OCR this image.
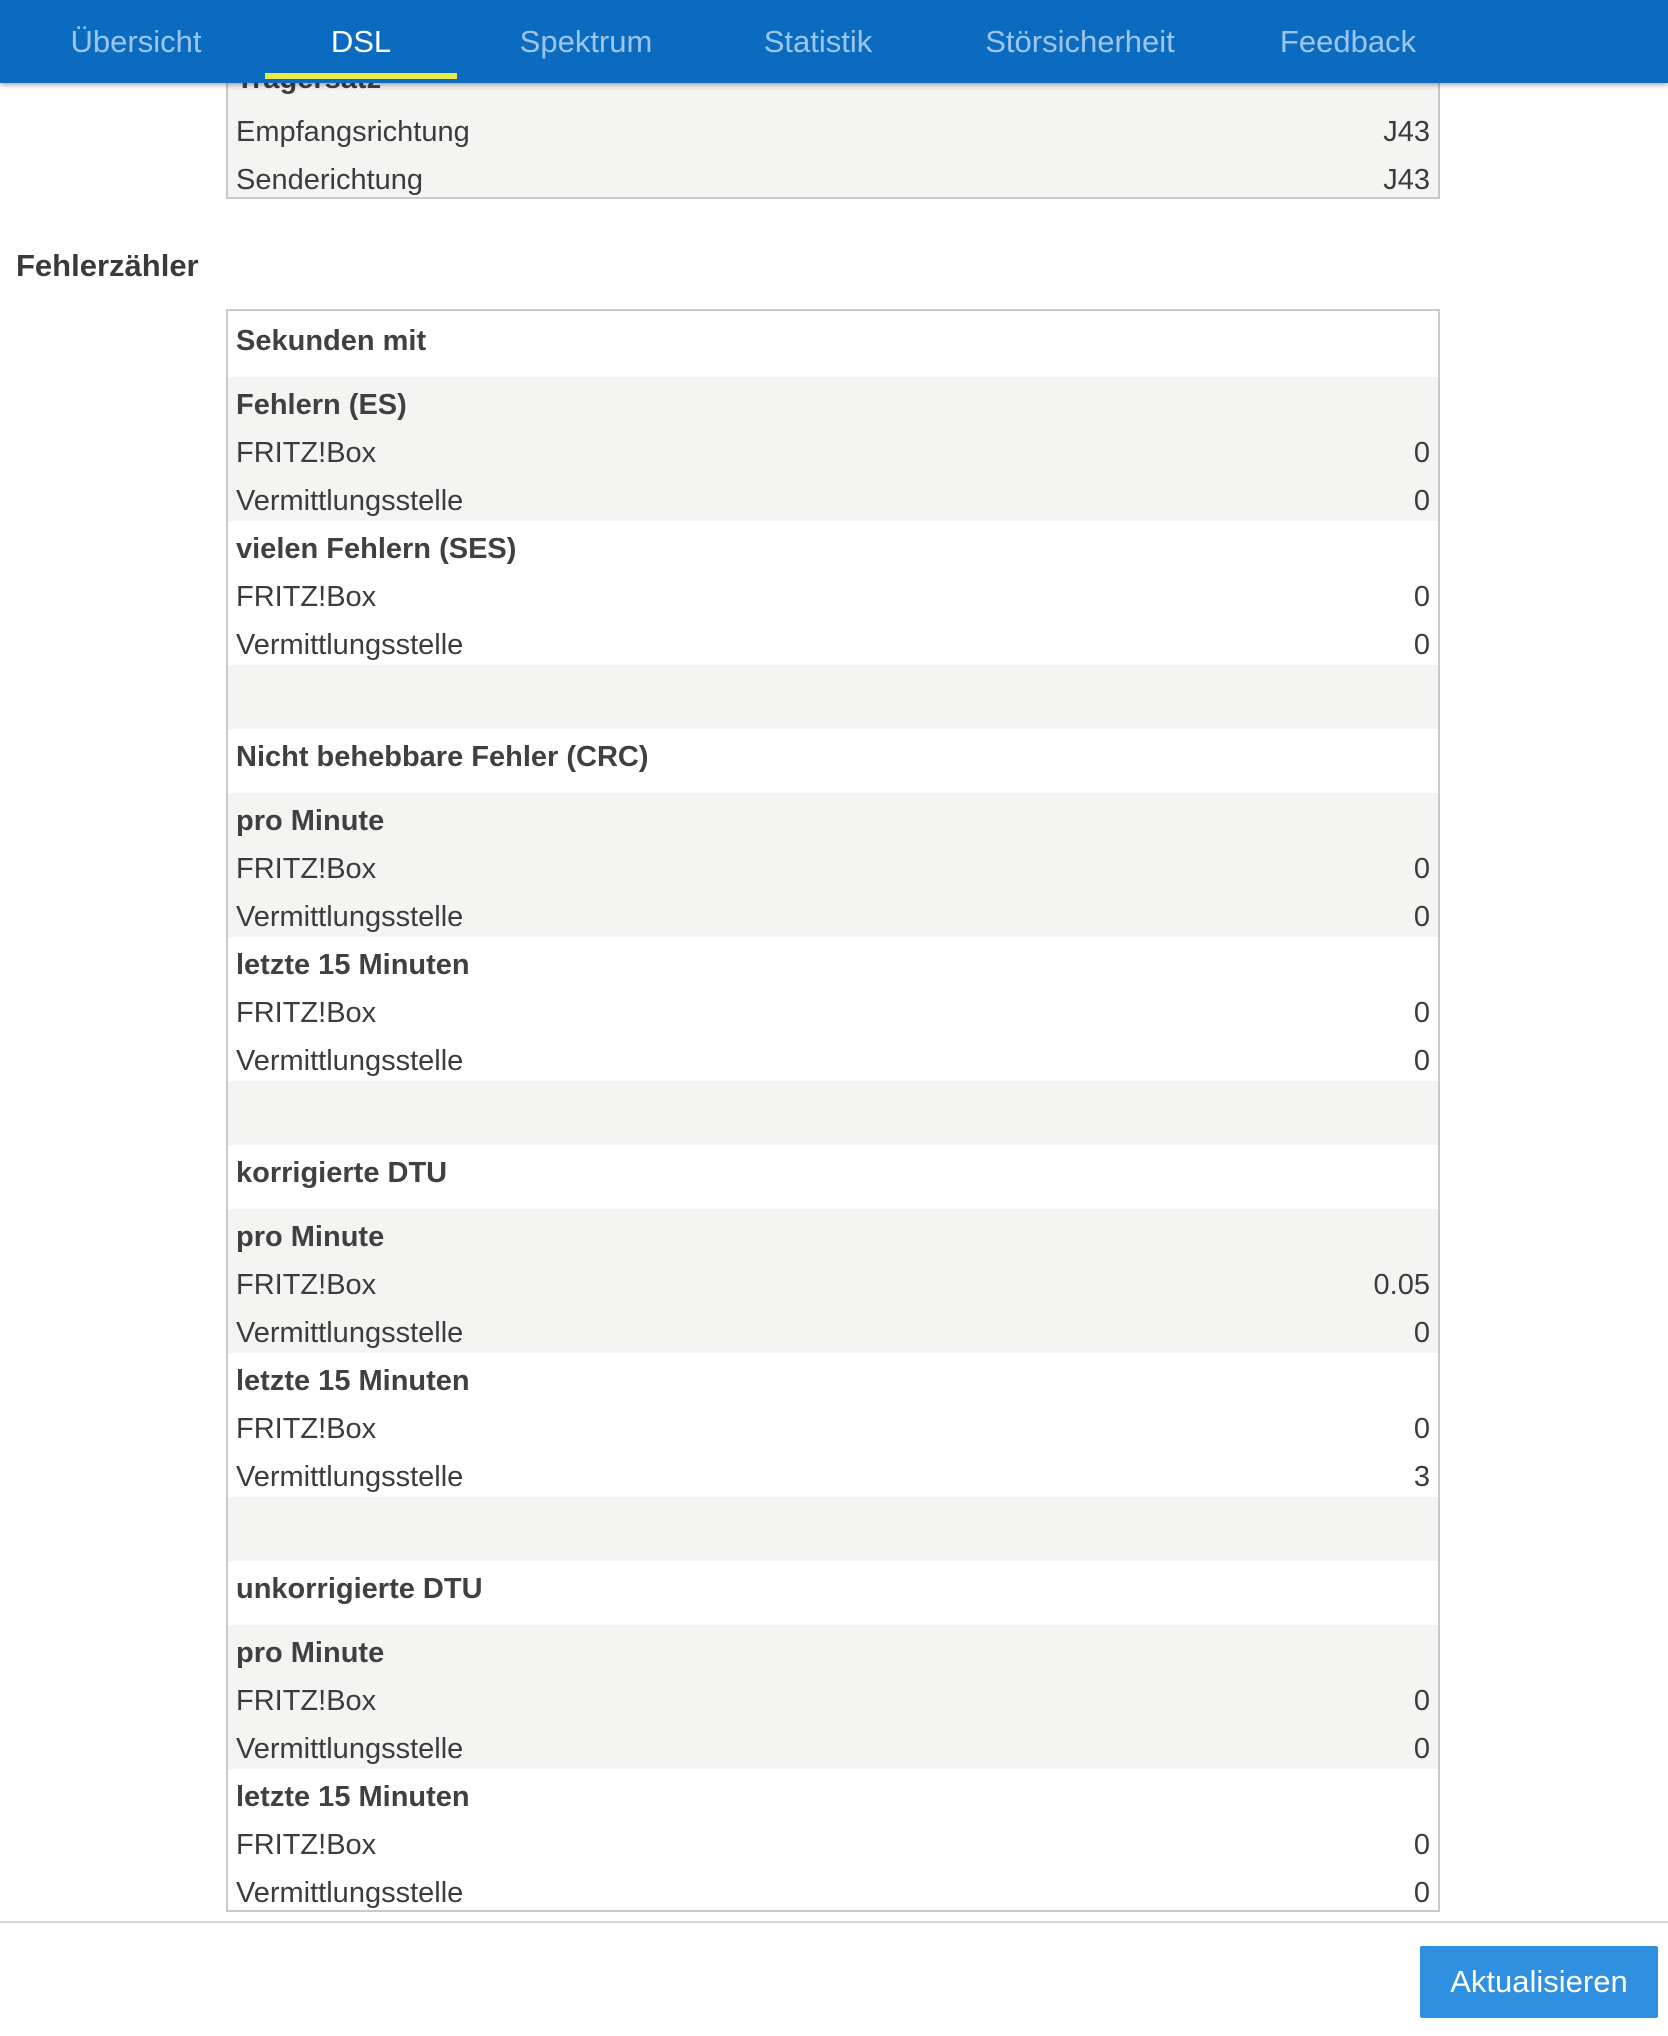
Übersicht	DSL	Spektrum	Statistik	Störsicherheit	Feedback
Empfangsrichtung	J43
Senderichtung	J43
Fehlerzähler
Sekunden mit
Fehlern (ES)
FRITZ!Box	0
Vermittlungsstelle	0
vielen Fehlern (SES)
FRITZ!Box	0
Vermittlungsstelle	0
Nicht behebbare Fehler (CRC)
pro Minute
FRITZ!Box	0
Vermittlungsstelle	0
letzte 15 Minuten
FRITZ!Box	0
Vermittlungsstelle	0
korrigierte DTU
pro Minute
FRITZ!Box	0.05
Vermittlungsstelle	0
letzte 15 Minuten
FRITZ!Box	0
Vermittlungsstelle	3
unkorrigierte DTU
pro Minute
FRITZ!Box	0
Vermittlungsstelle	0
letzte 15 Minuten
FRITZ!Box	0
Vermittlungsstelle	0
Aktualisieren
